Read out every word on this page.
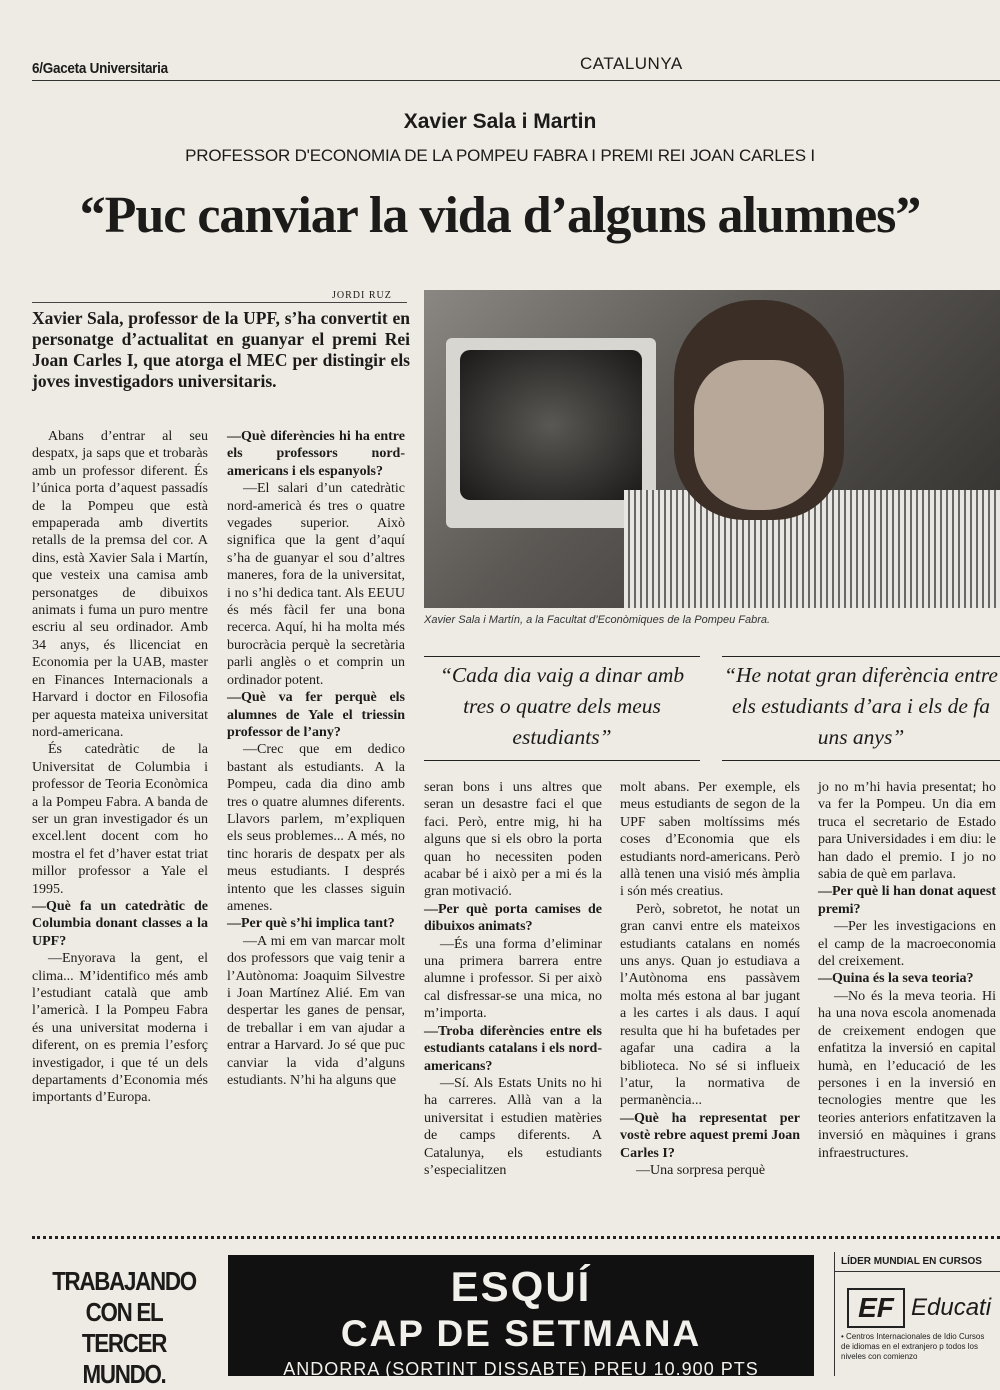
6/Gaceta Universitaria	CATALUNYA
Xavier Sala i Martin
PROFESSOR D'ECONOMIA DE LA POMPEU FABRA I PREMI REI JOAN CARLES I
“Puc canviar la vida d’alguns alumnes”
JORDI RUZ
Xavier Sala, professor de la UPF, s’ha convertit en personatge d’actualitat en guanyar el premi Rei Joan Carles I, que atorga el MEC per distingir els joves investigadors universitaris.
Xavier Sala i Martín, a la Facultat d’Econòmiques de la Pompeu Fabra.
“Cada dia vaig a dinar amb tres o quatre dels meus estudiants”
“He notat gran diferència entre els estudiants d’ara i els de fa uns anys”

Abans d’entrar al seu despatx, ja saps que et trobaràs amb un professor diferent. És l’única porta d’aquest passadís de la Pompeu que està empaperada amb divertits retalls de la premsa del cor. A dins, està Xavier Sala i Martín, que vesteix una camisa amb personatges de dibuixos animats i fuma un puro mentre escriu al seu ordinador. Amb 34 anys, és llicenciat en Economia per la UAB, master en Finances Internacionals a Harvard i doctor en Filosofia per aquesta mateixa universitat nord-americana.

És catedràtic de la Universitat de Columbia i professor de Teoria Econòmica a la Pompeu Fabra. A banda de ser un gran investigador és un excel.lent docent com ho mostra el fet d’haver estat triat millor professor a Yale el 1995.

—Què fa un catedràtic de Columbia donant classes a la UPF?

—Enyorava la gent, el clima... M’identifico més amb l’estudiant català que amb l’americà. I la Pompeu Fabra és una universitat moderna i diferent, on es premia l’esforç investigador, i que té un dels departaments d’Economia més importants d’Europa.

—Què diferències hi ha entre els professors nord-americans i els espanyols?

—El salari d’un catedràtic nord-americà és tres o quatre vegades superior. Això significa que la gent d’aquí s’ha de guanyar el sou d’altres maneres, fora de la universitat, i no s’hi dedica tant. Als EEUU és més fàcil fer una bona recerca. Aquí, hi ha molta més burocràcia perquè la secretària parli anglès o et comprin un ordinador potent.

—Què va fer perquè els alumnes de Yale el triessin professor de l’any?

—Crec que em dedico bastant als estudiants. A la Pompeu, cada dia dino amb tres o quatre alumnes diferents. Llavors parlem, m’expliquen els seus problemes... A més, no tinc horaris de despatx per als meus estudiants. I després intento que les classes siguin amenes.

—Per què s’hi implica tant?

—A mi em van marcar molt dos professors que vaig tenir a l’Autònoma: Joaquim Silvestre i Joan Martínez Alié. Em van despertar les ganes de pensar, de treballar i em van ajudar a entrar a Harvard. Jo sé que puc canviar la vida d’alguns estudiants. N’hi ha alguns que

seran bons i uns altres que seran un desastre faci el que faci. Però, entre mig, hi ha alguns que si els obro la porta quan ho necessiten poden acabar bé i això per a mi és la gran motivació.

—Per què porta camises de dibuixos animats?

—És una forma d’eliminar una primera barrera entre alumne i professor. Si per això cal disfressar-se una mica, no m’importa.

—Troba diferències entre els estudiants catalans i els nord-americans?

—Sí. Als Estats Units no hi ha carreres. Allà van a la universitat i estudien matèries de camps diferents. A Catalunya, els estudiants s’especialitzen

molt abans. Per exemple, els meus estudiants de segon de la UPF saben moltíssims més coses d’Economia que els estudiants nord-americans. Però allà tenen una visió més àmplia i són més creatius.

Però, sobretot, he notat un gran canvi entre els mateixos estudiants catalans en només uns anys. Quan jo estudiava a l’Autònoma ens passàvem molta més estona al bar jugant a les cartes i als daus. I aquí resulta que hi ha bufetades per agafar una cadira a la biblioteca. No sé si influeix l’atur, la normativa de permanència...

—Què ha representat per vostè rebre aquest premi Joan Carles I?

—Una sorpresa perquè

jo no m’hi havia presentat; ho va fer la Pompeu. Un dia em truca el secretario de Estado para Universidades i em diu: le han dado el premio. I jo no sabia de què em parlava.

—Per què li han donat aquest premi?

—Per les investigacions en el camp de la macroeconomia del creixement.

—Quina és la seva teoria?

—No és la meva teoria. Hi ha una nova escola anomenada de creixement endogen que enfatitza la inversió en capital humà, en l’educació de les persones i en la inversió en tecnologies mentre que les teories anteriors enfatitzaven la inversió en màquines i grans infraestructures.

TRABAJANDO CON EL TERCER MUNDO.
ESQUÍ
CAP DE SETMANA
ANDORRA (SORTINT DISSABTE) PREU 10.900 PTS
LÍDER MUNDIAL EN CURSOS
EF Educati
• Centros Internacionales de Idio Cursos de idiomas en el extranjero p todos los niveles con comienzo
